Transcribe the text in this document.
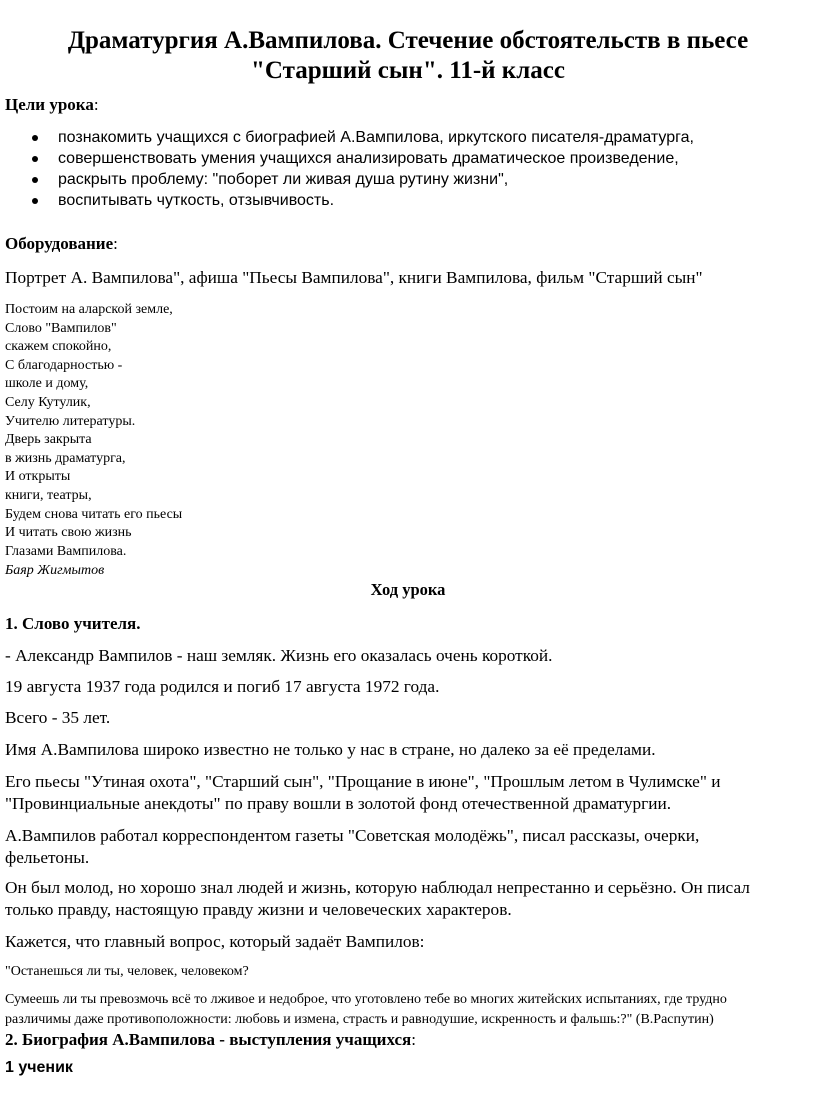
Драматургия А.Вампилова. Стечение обстоятельств в пьесе
"Старший сын". 11-й класс
Цели урока:
познакомить учащихся с биографией А.Вампилова, иркутского писателя-драматурга,
совершенствовать умения учащихся анализировать драматическое произведение,
раскрыть проблему: "поборет ли живая душа рутину жизни",
воспитывать чуткость, отзывчивость.
Оборудование:
Портрет А. Вампилова", афиша "Пьесы Вампилова", книги Вампилова, фильм "Старший сын"
Постоим на аларской земле,
Слово "Вампилов"
скажем спокойно,
С благодарностью -
школе и дому,
Селу Кутулик,
Учителю литературы.
Дверь закрыта
в жизнь драматурга,
И открыты
книги, театры,
Будем снова читать его пьесы
И читать свою жизнь
Глазами Вампилова.
Баяр Жигмытов
Ход урока
1. Слово учителя.
- Александр Вампилов - наш земляк. Жизнь его оказалась очень короткой.
19 августа 1937 года родился и погиб 17 августа 1972 года.
Всего - 35 лет.
Имя А.Вампилова широко известно не только у нас в стране, но далеко за её пределами.
Его пьесы "Утиная охота", "Старший сын", "Прощание в июне", "Прошлым летом в Чулимске" и
"Провинциальные анекдоты" по праву вошли в золотой фонд отечественной драматургии.
А.Вампилов работал корреспондентом газеты "Советская молодёжь", писал рассказы, очерки,
фельетоны.
Он был молод, но хорошо знал людей и жизнь, которую наблюдал непрестанно и серьёзно. Он писал
только правду, настоящую правду жизни и человеческих характеров.
Кажется, что главный вопрос, который задаёт Вампилов:
"Останешься ли ты, человек, человеком?
Сумеешь ли ты превозмочь всё то лживое и недоброе, что уготовлено тебе во многих житейских испытаниях, где трудно
различимы даже противоположности: любовь и измена, страсть и равнодушие, искренность и фальшь:?" (В.Распутин)
2. Биография А.Вампилова - выступления учащихся:
1 ученик
